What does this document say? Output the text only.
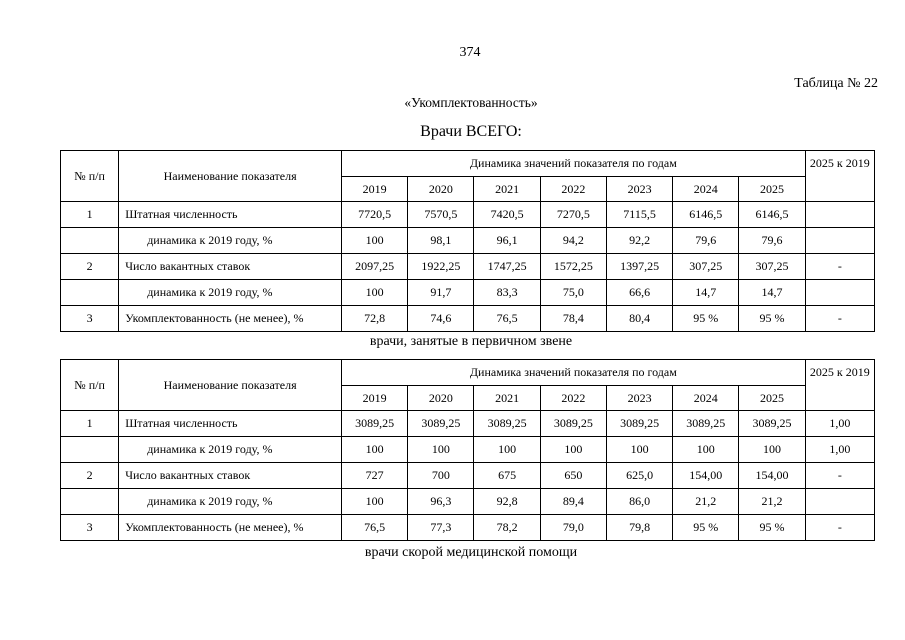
374
Таблица № 22
«Укомплектованность»
Врачи ВСЕГО:
№ п/п	Наименование показателя	Динамика значений показателя по годам							2025 к 2019
		2019	2020	2021	2022	2023	2024	2025	
1	Штатная численность	7720,5	7570,5	7420,5	7270,5	7115,5	6146,5	6146,5	
	динамика к 2019 году, %	100	98,1	96,1	94,2	92,2	79,6	79,6	
2	Число вакантных ставок	2097,25	1922,25	1747,25	1572,25	1397,25	307,25	307,25	-
	динамика к 2019 году, %	100	91,7	83,3	75,0	66,6	14,7	14,7	
3	Укомплектованность (не менее), %	72,8	74,6	76,5	78,4	80,4	95 %	95 %	-
врачи, занятые в первичном звене
№ п/п	Наименование показателя	Динамика значений показателя по годам							2025 к 2019
		2019	2020	2021	2022	2023	2024	2025	
1	Штатная численность	3089,25	3089,25	3089,25	3089,25	3089,25	3089,25	3089,25	1,00
	динамика к 2019 году, %	100	100	100	100	100	100	100	1,00
2	Число вакантных ставок	727	700	675	650	625,0	154,00	154,00	-
	динамика к 2019 году, %	100	96,3	92,8	89,4	86,0	21,2	21,2	
3	Укомплектованность (не менее), %	76,5	77,3	78,2	79,0	79,8	95 %	95 %	-
врачи скорой медицинской помощи
